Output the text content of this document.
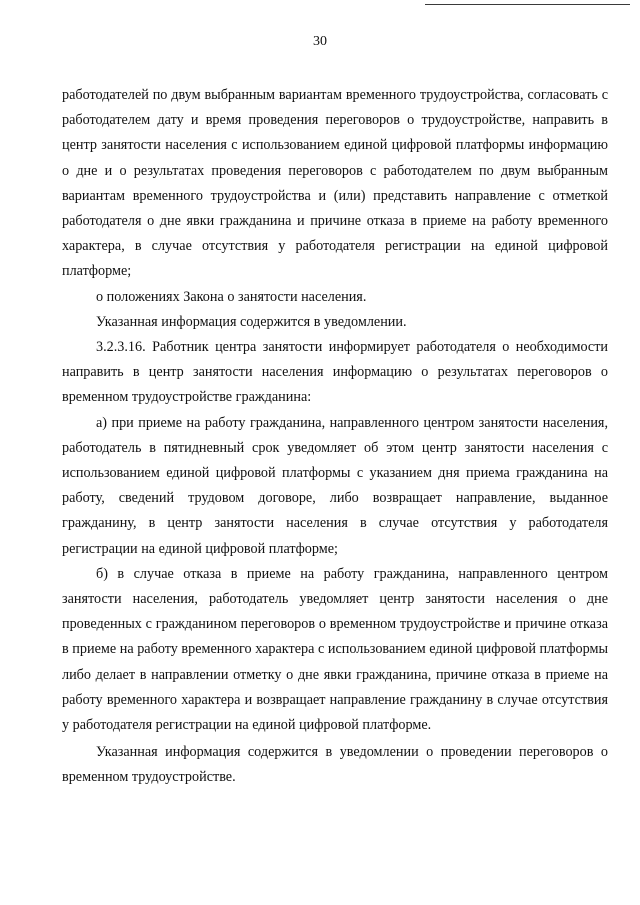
30

работодателей по двум выбранным вариантам временного трудоустройства, согласовать с работодателем дату и время проведения переговоров о трудоустройстве, направить в центр занятости населения с использованием единой цифровой платформы информацию о дне и о результатах проведения переговоров с работодателем по двум выбранным вариантам временного трудоустройства и (или) представить направление с отметкой работодателя о дне явки гражданина и причине отказа в приеме на работу временного характера, в случае отсутствия у работодателя регистрации на единой цифровой платформе;

о положениях Закона о занятости населения.

Указанная информация содержится в уведомлении.

3.2.3.16. Работник центра занятости информирует работодателя о необходимости направить в центр занятости населения информацию о результатах переговоров о временном трудоустройстве гражданина:

а) при приеме на работу гражданина, направленного центром занятости населения, работодатель в пятидневный срок уведомляет об этом центр занятости населения с использованием единой цифровой платформы с указанием дня приема гражданина на работу, сведений трудовом договоре, либо возвращает направление, выданное гражданину, в центр занятости населения в случае отсутствия у работодателя регистрации на единой цифровой платформе;

б) в случае отказа в приеме на работу гражданина, направленного центром занятости населения, работодатель уведомляет центр занятости населения о дне проведенных с гражданином переговоров о временном трудоустройстве и причине отказа в приеме на работу временного характера с использованием единой цифровой платформы либо делает в направлении отметку о дне явки гражданина, причине отказа в приеме на работу временного характера и возвращает направление гражданину в случае отсутствия у работодателя регистрации на единой цифровой платформе.

Указанная информация содержится в уведомлении о проведении переговоров о временном трудоустройстве.
